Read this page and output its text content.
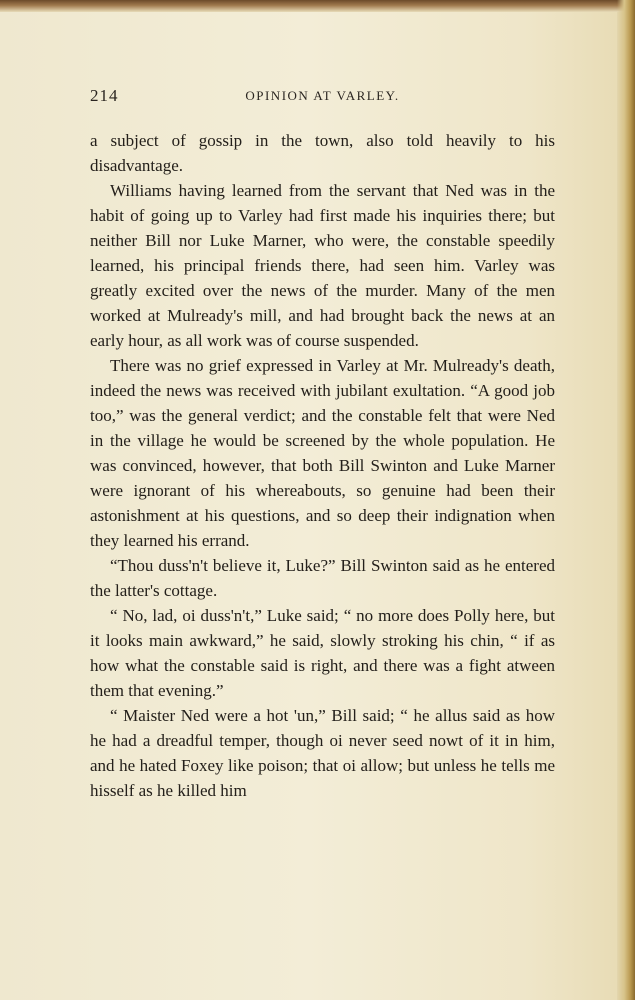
214	OPINION AT VARLEY.

a subject of gossip in the town, also told heavily to his disadvantage.

Williams having learned from the servant that Ned was in the habit of going up to Varley had first made his inquiries there; but neither Bill nor Luke Marner, who were, the constable speedily learned, his principal friends there, had seen him. Varley was greatly excited over the news of the murder. Many of the men worked at Mulready's mill, and had brought back the news at an early hour, as all work was of course suspended.

There was no grief expressed in Varley at Mr. Mulready's death, indeed the news was received with jubilant exultation. “A good job too,” was the general verdict; and the constable felt that were Ned in the village he would be screened by the whole population. He was convinced, however, that both Bill Swinton and Luke Marner were ignorant of his whereabouts, so genuine had been their astonishment at his questions, and so deep their indignation when they learned his errand.

“Thou duss'n't believe it, Luke?” Bill Swinton said as he entered the latter's cottage.

“ No, lad, oi duss'n't,” Luke said; “ no more does Polly here, but it looks main awkward,” he said, slowly stroking his chin, “ if as how what the constable said is right, and there was a fight atween them that evening.”

“ Maister Ned were a hot 'un,” Bill said; “ he allus said as how he had a dreadful temper, though oi never seed nowt of it in him, and he hated Foxey like poison; that oi allow; but unless he tells me hisself as he killed him
